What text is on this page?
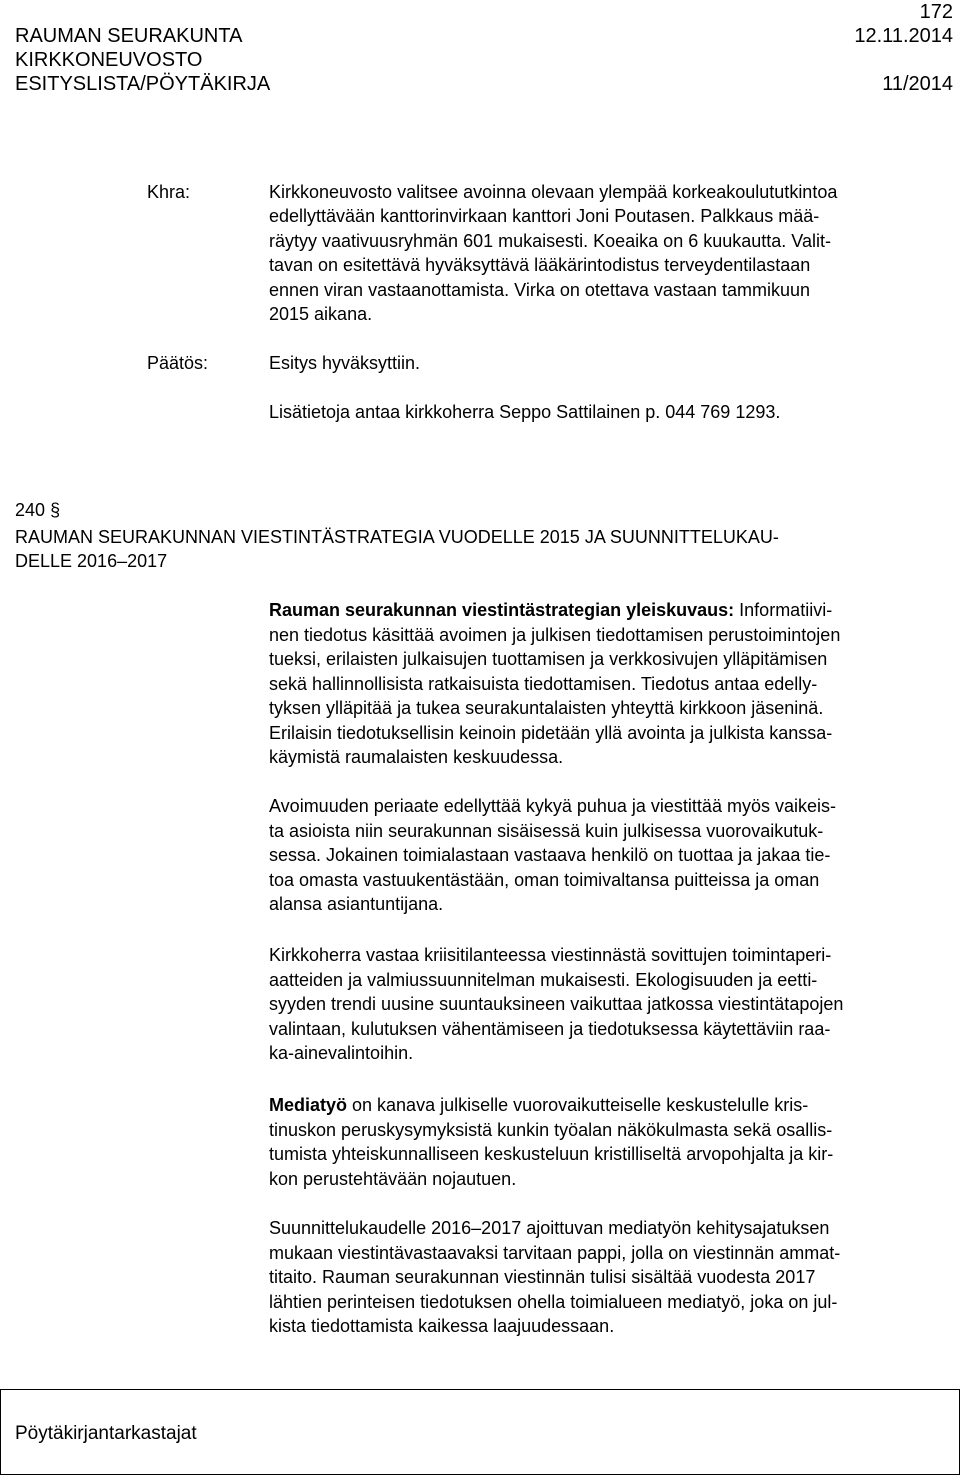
172
RAUMAN SEURAKUNTA	12.11.2014
KIRKKONEUVOSTO
ESITYSLISTA/PÖYTÄKIRJA	11/2014
Khra:	Kirkkoneuvosto valitsee avoinna olevaan ylempää korkeakoulututkintoa
edellyttävään kanttorinvirkaan kanttori Joni Poutasen. Palkkaus mää-
räytyy vaativuusryhmän 601 mukaisesti. Koeaika on 6 kuukautta. Valit-
tavan on esitettävä hyväksyttävä lääkärintodistus terveydentilastaan
ennen viran vastaanottamista. Virka on otettava vastaan tammikuun
2015 aikana.
Päätös:	Esitys hyväksyttiin.
Lisätietoja antaa kirkkoherra Seppo Sattilainen p. 044 769 1293.
240 §
RAUMAN SEURAKUNNAN VIESTINTÄSTRATEGIA VUODELLE 2015 JA SUUNNITTELUKAU-
DELLE 2016–2017
Rauman seurakunnan viestintästrategian yleiskuvaus: Informatiivi-
nen tiedotus käsittää avoimen ja julkisen tiedottamisen perustoimintojen
tueksi, erilaisten julkaisujen tuottamisen ja verkkosivujen ylläpitämisen
sekä hallinnollisista ratkaisuista tiedottamisen. Tiedotus antaa edelly-
tyksen ylläpitää ja tukea seurakuntalaisten yhteyttä kirkkoon jäseninä.
Erilaisin tiedotuksellisin keinoin pidetään yllä avointa ja julkista kanssa-
käymistä raumalaisten keskuudessa.
Avoimuuden periaate edellyttää kykyä puhua ja viestittää myös vaikeis-
ta asioista niin seurakunnan sisäisessä kuin julkisessa vuorovaikutuk-
sessa. Jokainen toimialastaan vastaava henkilö on tuottaa ja jakaa tie-
toa omasta vastuukentästään, oman toimivaltansa puitteissa ja oman
alansa asiantuntijana.
Kirkkoherra vastaa kriisitilanteessa viestinnästä sovittujen toimintaperi-
aatteiden ja valmiussuunnitelman mukaisesti. Ekologisuuden ja eetti-
syyden trendi uusine suuntauksineen vaikuttaa jatkossa viestintätapojen
valintaan, kulutuksen vähentämiseen ja tiedotuksessa käytettäviin raa-
ka-ainevalintoihin.
Mediatyö on kanava julkiselle vuorovaikutteiselle keskustelulle kris-
tinuskon peruskysymyksistä kunkin työalan näkökulmasta sekä osallis-
tumista yhteiskunnalliseen keskusteluun kristilliseltä arvopohjalta ja kir-
kon perustehtävään nojautuen.
Suunnittelukaudelle 2016–2017 ajoittuvan mediatyön kehitysajatuksen
mukaan viestintävastaavaksi tarvitaan pappi, jolla on viestinnän ammat-
titaito. Rauman seurakunnan viestinnän tulisi sisältää vuodesta 2017
lähtien perinteisen tiedotuksen ohella toimialueen mediatyö, joka on jul-
kista tiedottamista kaikessa laajuudessaan.
Pöytäkirjantarkastajat
